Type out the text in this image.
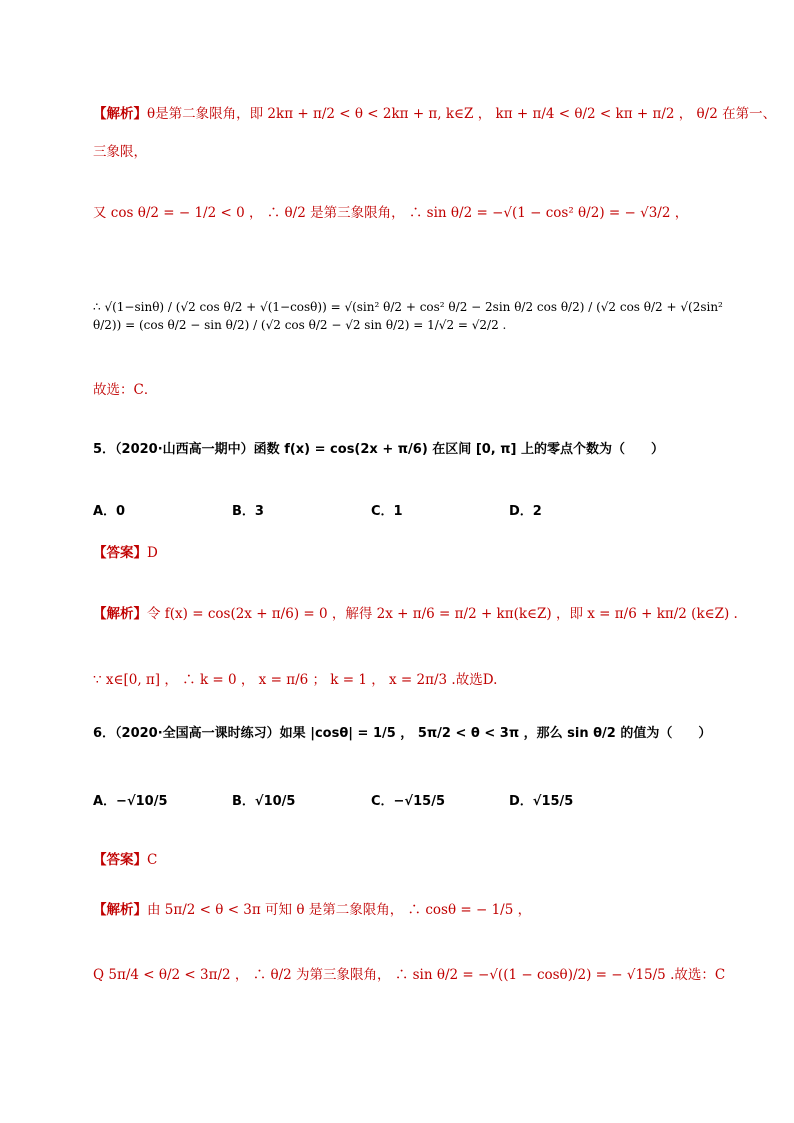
【解析】θ是第二象限角，即 2kπ + π/2 < θ < 2kπ + π, k∈Z ， kπ + π/4 < θ/2 < kπ + π/2 ， θ/2 在第一、
三象限，
又 cos θ/2 = − 1/2 < 0 ， ∴ θ/2 是第三象限角， ∴ sin θ/2 = −√(1 − cos² θ/2) = − √3/2 ，
∴ √(1−sinθ) / (√2 cos θ/2 + √(1−cosθ)) = √(sin² θ/2 + cos² θ/2 − 2sin θ/2 cos θ/2) / (√2 cos θ/2 + √(2sin² θ/2)) = (cos θ/2 − sin θ/2) / (√2 cos θ/2 − √2 sin θ/2) = 1/√2 = √2/2 .
故选：C．
5．（2020·山西高一期中）函数 f(x) = cos(2x + π/6) 在区间 [0, π] 上的零点个数为（　　）
A．0	B．3	C．1	D．2
【答案】D
【解析】令 f(x) = cos(2x + π/6) = 0 ，解得 2x + π/6 = π/2 + kπ(k∈Z) ，即 x = π/6 + kπ/2 (k∈Z) .
∵ x∈[0, π] ， ∴ k = 0 ， x = π/6 ； k = 1 ， x = 2π/3 .故选D.
6．（2020·全国高一课时练习）如果 |cosθ| = 1/5 ， 5π/2 < θ < 3π ，那么 sin θ/2 的值为（　　）
A．−√10/5	B．√10/5	C．−√15/5	D．√15/5
【答案】C
【解析】由 5π/2 < θ < 3π 可知 θ 是第二象限角， ∴ cosθ = − 1/5 ，
Q 5π/4 < θ/2 < 3π/2 ， ∴ θ/2 为第三象限角， ∴ sin θ/2 = −√((1 − cosθ)/2) = − √15/5 .故选：C
